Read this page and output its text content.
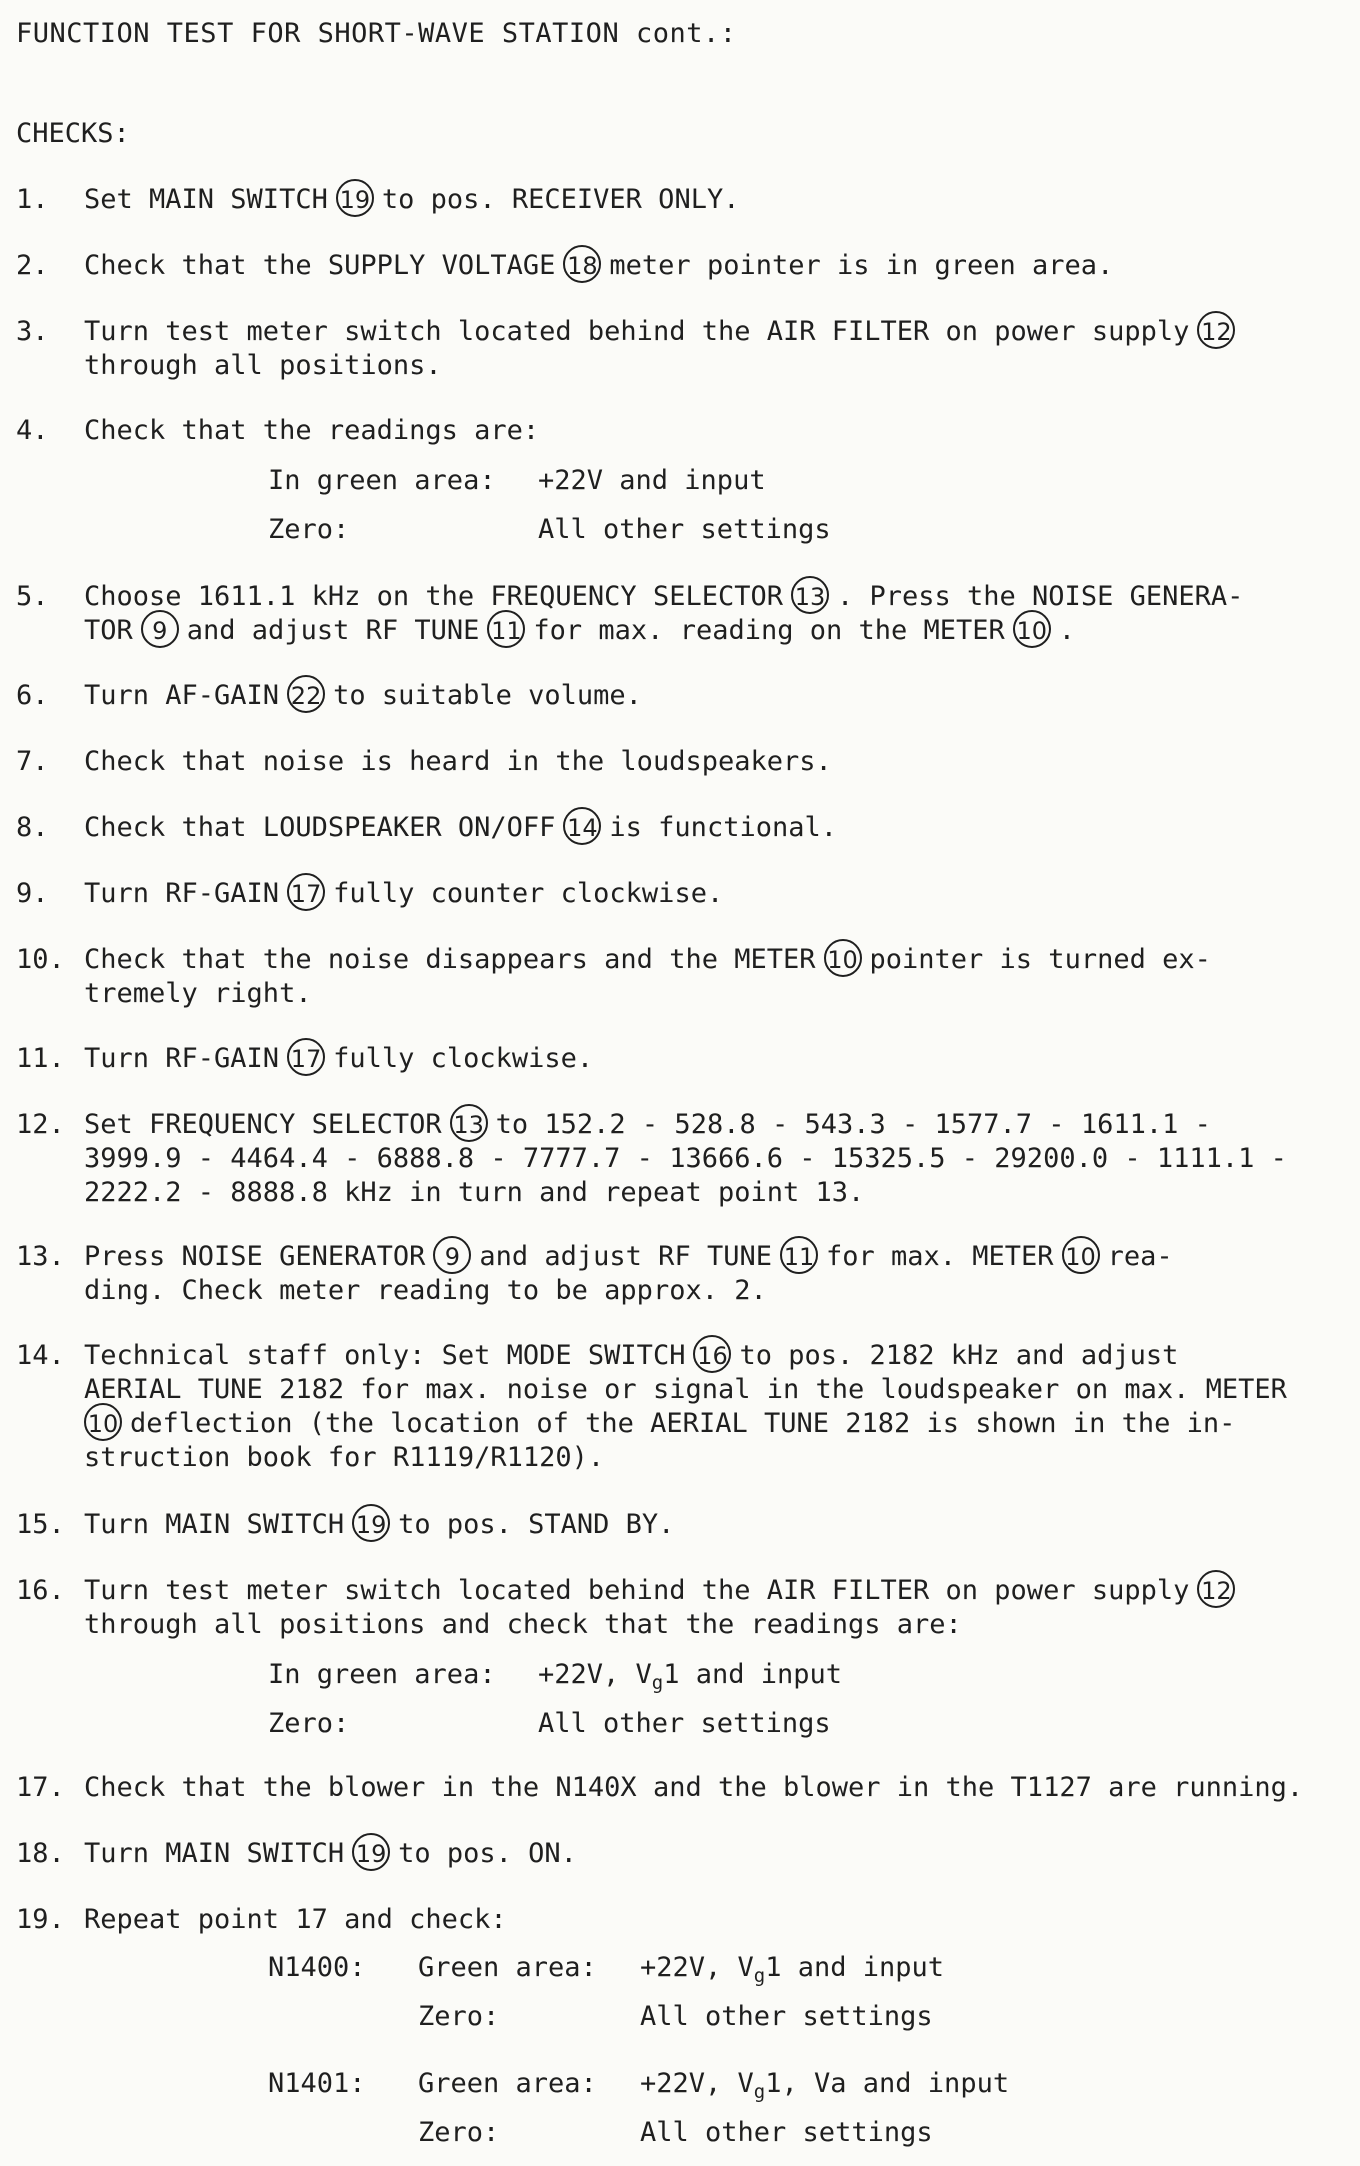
FUNCTION TEST FOR SHORT-WAVE STATION cont.:
CHECKS:
1.	Set MAIN SWITCH 19 to pos. RECEIVER ONLY.
2.	Check that the SUPPLY VOLTAGE 18 meter pointer is in green area.
3.	Turn test meter switch located behind the AIR FILTER on power supply 12
through all positions.
4.	Check that the readings are:
In green area: +22V and input
Zero:	All other settings
5.	Choose 1611.1 kHz on the FREQUENCY SELECTOR 13 . Press the NOISE GENERA-
TOR 9 and adjust RF TUNE 11 for max. reading on the METER 10 .
6.	Turn AF-GAIN 22 to suitable volume.
7.	Check that noise is heard in the loudspeakers.
8.	Check that LOUDSPEAKER ON/OFF 14 is functional.
9.	Turn RF-GAIN 17 fully counter clockwise.
10. Check that the noise disappears and the METER 10 pointer is turned ex-
tremely right.
11. Turn RF-GAIN 17 fully clockwise.
12. Set FREQUENCY SELECTOR 13 to 152.2 - 528.8 - 543.3 - 1577.7 - 1611.1 -
3999.9 - 4464.4 - 6888.8 - 7777.7 - 13666.6 - 15325.5 - 29200.0 - 1111.1 -
2222.2 - 8888.8 kHz in turn and repeat point 13.
13. Press NOISE GENERATOR 9 and adjust RF TUNE 11 for max. METER 10 rea-
ding. Check meter reading to be approx. 2.
14. Technical staff only: Set MODE SWITCH 16 to pos. 2182 kHz and adjust
AERIAL TUNE 2182 for max. noise or signal in the loudspeaker on max. METER
10 deflection (the location of the AERIAL TUNE 2182 is shown in the in-
struction book for R1119/R1120).
15. Turn MAIN SWITCH 19 to pos. STAND BY.
16. Turn test meter switch located behind the AIR FILTER on power supply 12
through all positions and check that the readings are:
In green area: +22V, $V_g1$ and input
Zero:	All other settings
17. Check that the blower in the N140X and the blower in the T1127 are running.
18. Turn MAIN SWITCH 19 to pos. ON.
19. Repeat point 17 and check:
N1400: Green area: +22V, $V_g1$ and input
Zero:	All other settings
N1401: Green area: +22V, $V_g1$, Va and input
Zero:	All other settings
